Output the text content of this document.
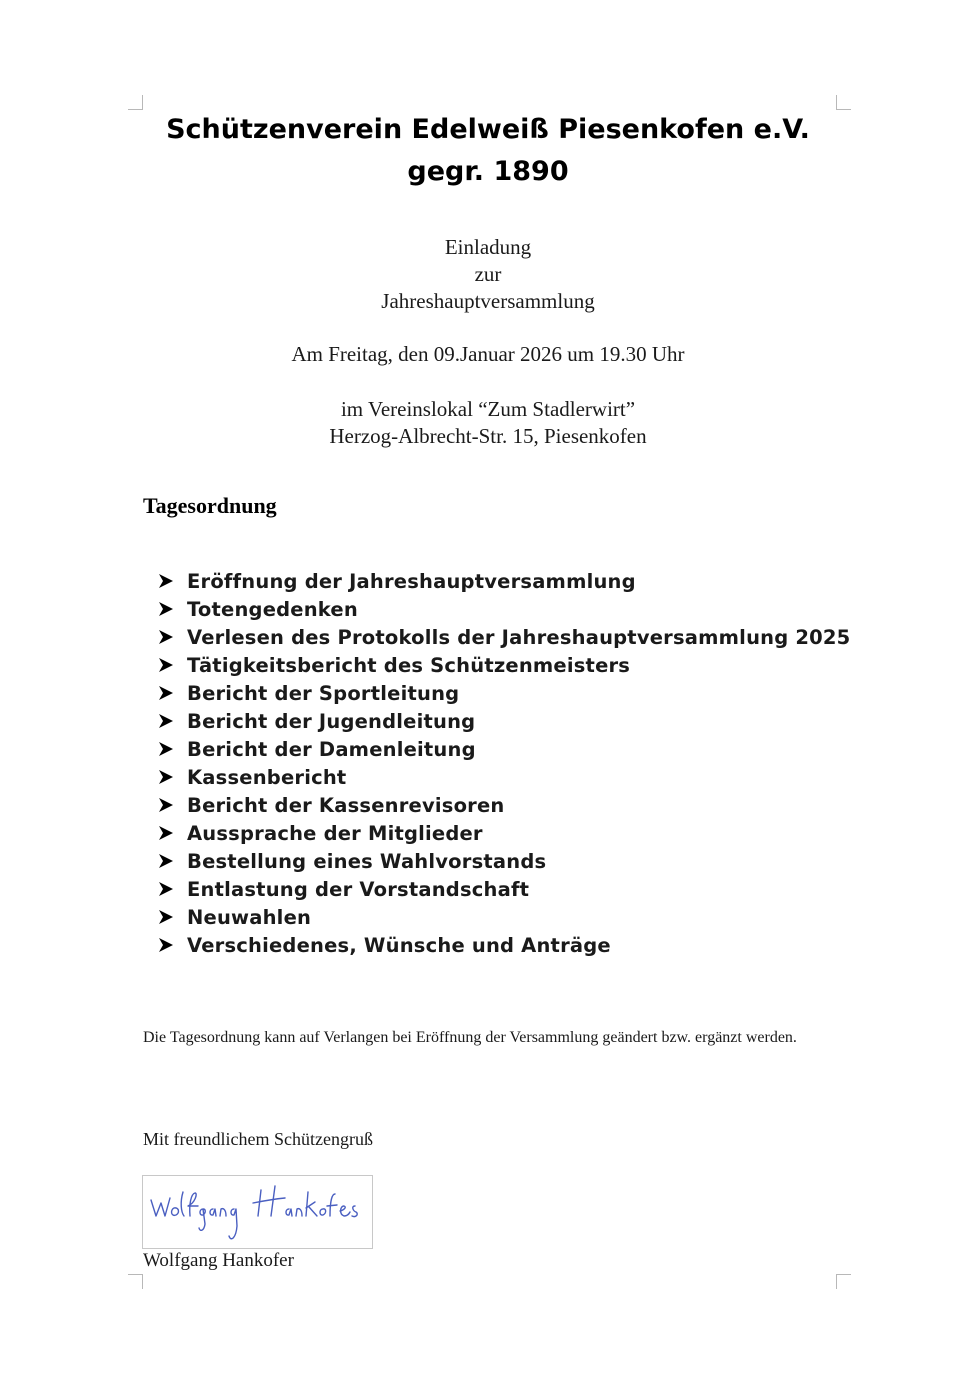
Schützenverein Edelweiß Piesenkofen e.V.
gegr. 1890
Einladung
zur
Jahreshauptversammlung
Am Freitag, den 09.Januar 2026 um 19.30 Uhr
im Vereinslokal “Zum Stadlerwirt”
Herzog-Albrecht-Str. 15, Piesenkofen
Tagesordnung
Eröffnung der Jahreshauptversammlung
Totengedenken
Verlesen des Protokolls der Jahreshauptversammlung 2025
Tätigkeitsbericht des Schützenmeisters
Bericht der Sportleitung
Bericht der Jugendleitung
Bericht der Damenleitung
Kassenbericht
Bericht der Kassenrevisoren
Aussprache der Mitglieder
Bestellung eines Wahlvorstands
Entlastung der Vorstandschaft
Neuwahlen
Verschiedenes, Wünsche und Anträge
Die Tagesordnung kann auf Verlangen bei Eröffnung der Versammlung geändert bzw. ergänzt werden.
Mit freundlichem Schützengruß
Wolfgang Hankofer
